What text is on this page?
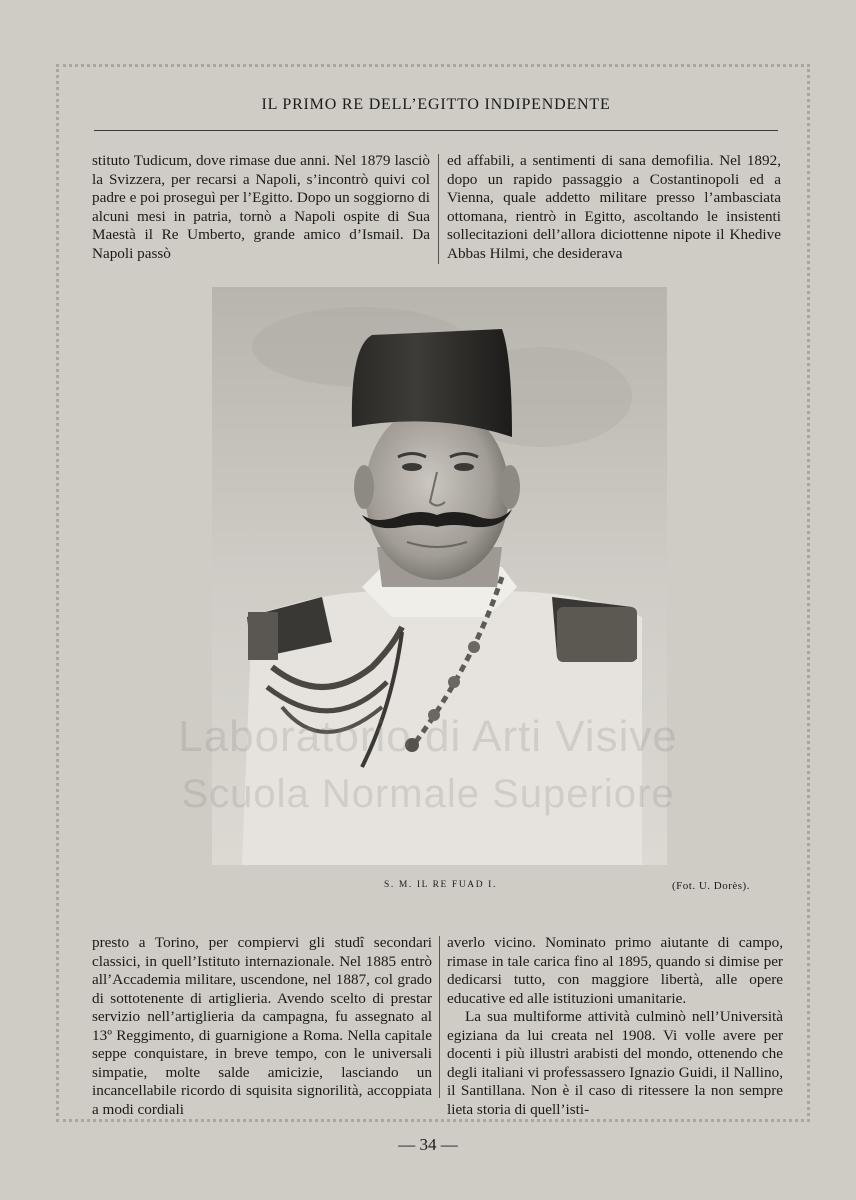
IL PRIMO RE DELL’EGITTO INDIPENDENTE

stituto Tudicum, dove rimase due anni. Nel 1879 lasciò la Svizzera, per recarsi a Napoli, s’incontrò quivi col padre e poi proseguì per l’Egitto. Dopo un soggiorno di alcuni mesi in patria, tornò a Napoli ospite di Sua Maestà il Re Umberto, grande amico d’Ismail. Da Napoli passò

ed affabili, a sentimenti di sana demofilia. Nel 1892, dopo un rapido passaggio a Costantinopoli ed a Vienna, quale addetto militare presso l’ambasciata ottomana, rientrò in Egitto, ascoltando le insistenti sollecitazioni dell’allora diciottenne nipote il Khedive Abbas Hilmi, che desiderava

S. M. IL RE FUAD I.	(Fot. U. Dorès).

presto a Torino, per compiervi gli studî secondari classici, in quell’Istituto internazionale. Nel 1885 entrò all’Accademia militare, uscendone, nel 1887, col grado di sottotenente di artiglieria. Avendo scelto di prestar servizio nell’artiglieria da campagna, fu assegnato al 13º Reggimento, di guarnigione a Roma. Nella capitale seppe conquistare, in breve tempo, con le universali simpatie, molte salde amicizie, lasciando un incancellabile ricordo di squisita signorilità, accoppiata a modi cordiali

averlo vicino. Nominato primo aiutante di campo, rimase in tale carica fino al 1895, quando si dimise per dedicarsi tutto, con maggiore libertà, alle opere educative ed alle istituzioni umanitarie.

La sua multiforme attività culminò nell’Università egiziana da lui creata nel 1908. Vi volle avere per docenti i più illustri arabisti del mondo, ottenendo che degli italiani vi professassero Ignazio Guidi, il Nallino, il Santillana. Non è il caso di ritessere la non sempre lieta storia di quell’isti-

Laboratorio di Arti Visive
Scuola Normale Superiore
— 34 —
